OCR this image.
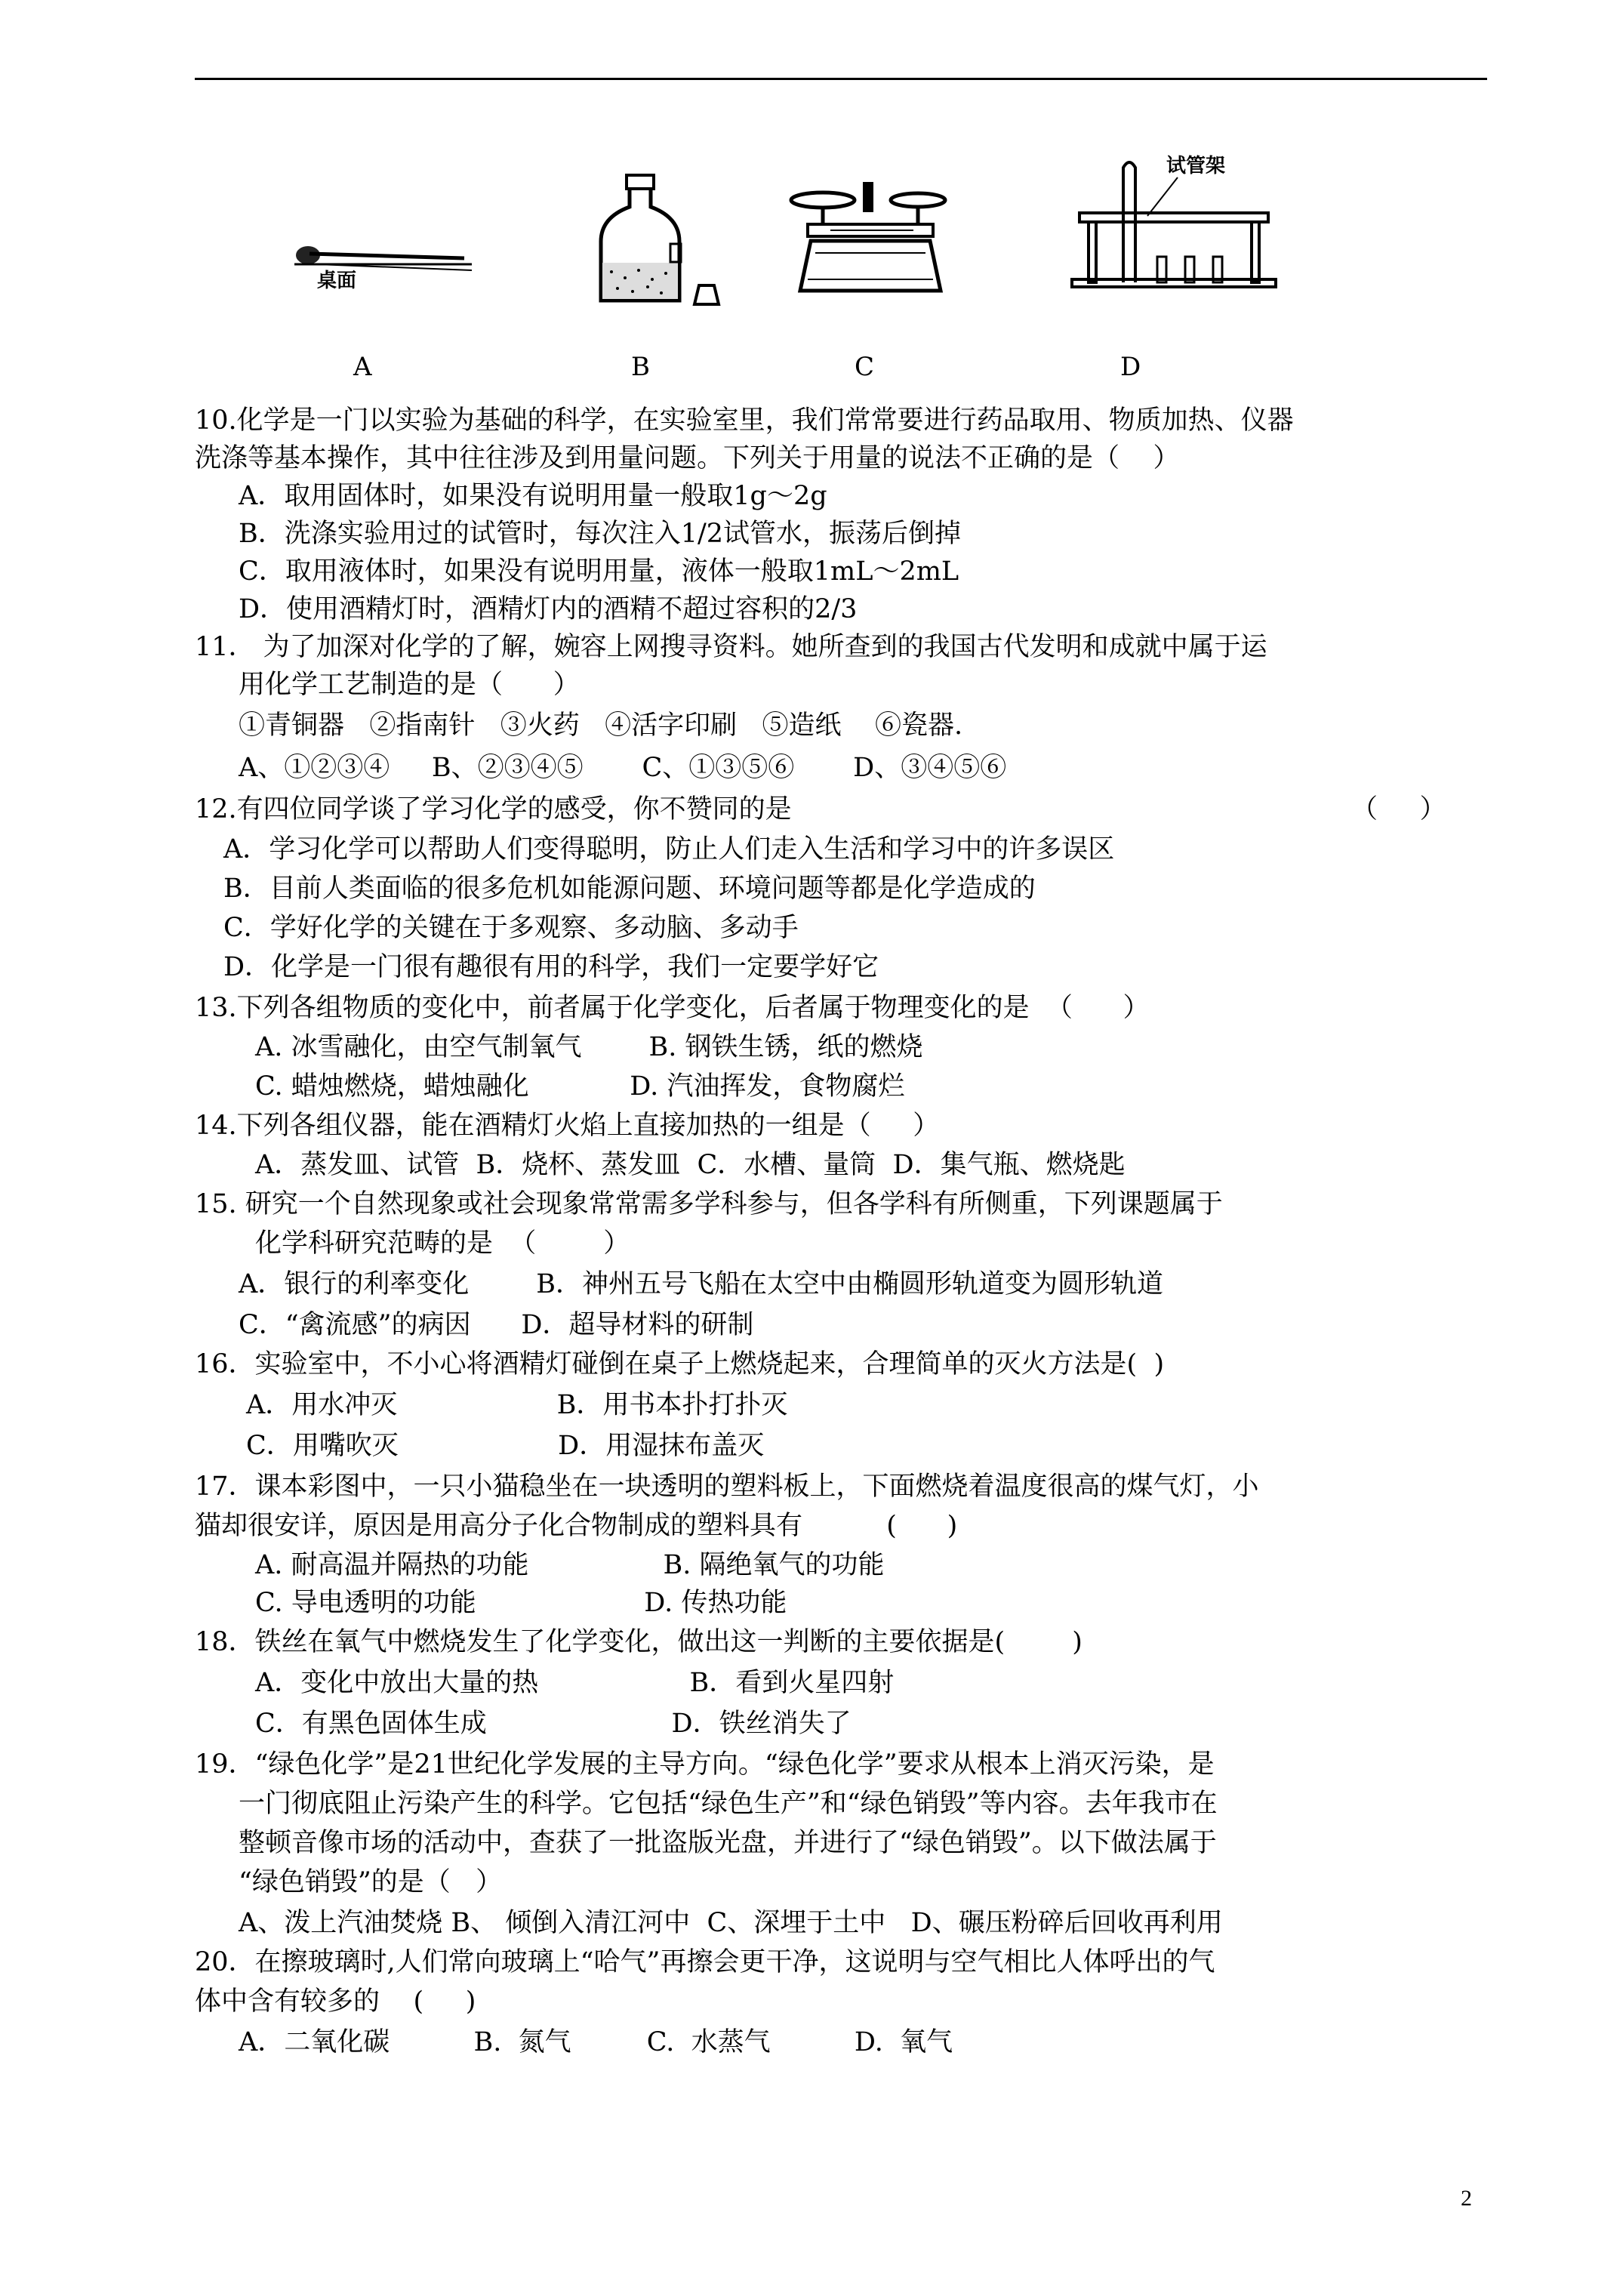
桌面
A	B	C
试管架
D
10.化学是一门以实验为基础的科学，在实验室里，我们常常要进行药品取用、物质加热、仪器
洗涤等基本操作，其中往往涉及到用量问题。下列关于用量的说法不正确的是（    ）
A．取用固体时，如果没有说明用量一般取1g～2g
B．洗涤实验用过的试管时，每次注入1/2试管水，振荡后倒掉
C．取用液体时，如果没有说明用量，液体一般取1mL～2mL
D．使用酒精灯时，酒精灯内的酒精不超过容积的2/3
11． 为了加深对化学的了解，婉容上网搜寻资料。她所查到的我国古代发明和成就中属于运
用化学工艺制造的是（      ）
①青铜器   ②指南针   ③火药   ④活字印刷   ⑤造纸    ⑥瓷器.
A、①②③④     B、②③④⑤       C、①③⑤⑥       D、③④⑤⑥
12.有四位同学谈了学习化学的感受，你不赞同的是	（     ）
A．学习化学可以帮助人们变得聪明，防止人们走入生活和学习中的许多误区
B．目前人类面临的很多危机如能源问题、环境问题等都是化学造成的
C．学好化学的关键在于多观察、多动脑、多动手
D．化学是一门很有趣很有用的科学，我们一定要学好它
13.下列各组物质的变化中，前者属于化学变化，后者属于物理变化的是  （      ）
A. 冰雪融化，由空气制氧气        B. 钢铁生锈，纸的燃烧
C. 蜡烛燃烧，蜡烛融化            D. 汽油挥发，食物腐烂
14.下列各组仪器，能在酒精灯火焰上直接加热的一组是（     ）
A．蒸发皿、试管  B．烧杯、蒸发皿  C．水槽、量筒  D．集气瓶、燃烧匙
15. 研究一个自然现象或社会现象常常需多学科参与，但各学科有所侧重，下列课题属于
化学科研究范畴的是  （        ）
A．银行的利率变化        B．神州五号飞船在太空中由椭圆形轨道变为圆形轨道
C．“禽流感”的病因      D．超导材料的研制
16．实验室中，不小心将酒精灯碰倒在桌子上燃烧起来，合理简单的灭火方法是(  )
A．用水冲灭                   B．用书本扑打扑灭
C．用嘴吹灭                   D．用湿抹布盖灭
17．课本彩图中，一只小猫稳坐在一块透明的塑料板上，下面燃烧着温度很高的煤气灯，小
猫却很安详，原因是用高分子化合物制成的塑料具有          (      )
A. 耐高温并隔热的功能                B. 隔绝氧气的功能
C. 导电透明的功能                    D. 传热功能
18．铁丝在氧气中燃烧发生了化学变化，做出这一判断的主要依据是(        )
A．变化中放出大量的热                  B．看到火星四射
C．有黑色固体生成                      D．铁丝消失了
19．“绿色化学”是21世纪化学发展的主导方向。“绿色化学”要求从根本上消灭污染，是
一门彻底阻止污染产生的科学。它包括“绿色生产”和“绿色销毁”等内容。去年我市在
整顿音像市场的活动中，查获了一批盗版光盘，并进行了“绿色销毁”。以下做法属于
“绿色销毁”的是（   ）
A、泼上汽油焚烧 B、 倾倒入清江河中  C、深埋于土中   D、碾压粉碎后回收再利用
20．在擦玻璃时,人们常向玻璃上“哈气”再擦会更干净，这说明与空气相比人体呼出的气
体中含有较多的    (     )
A．二氧化碳          B.  氮气         C.  水蒸气          D.  氧气
2
